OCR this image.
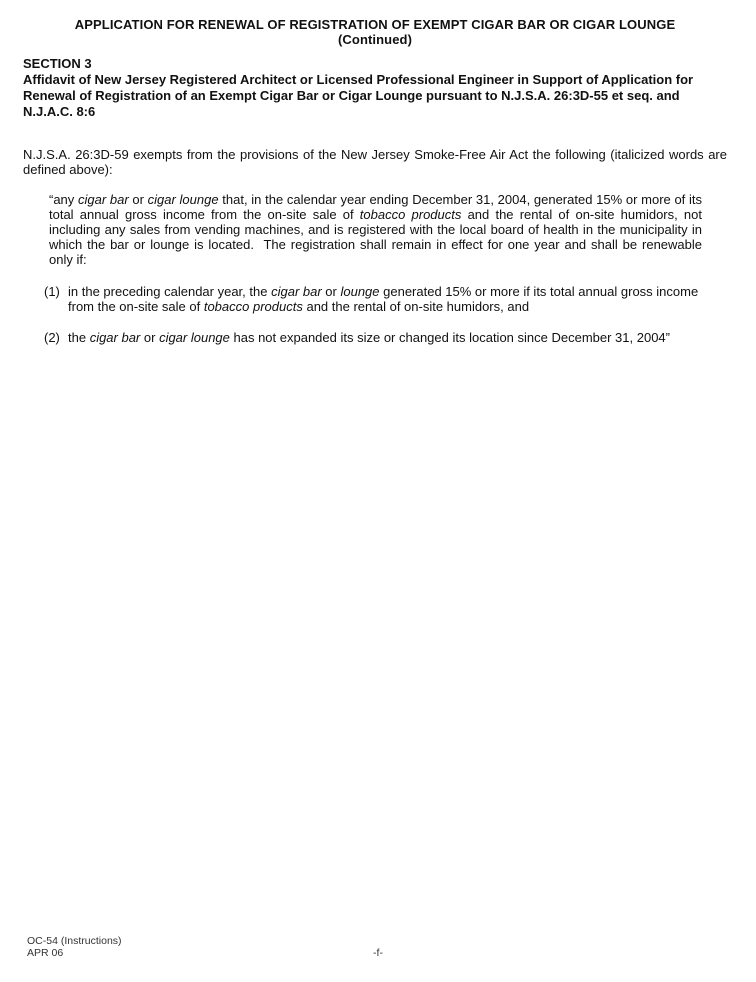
APPLICATION FOR RENEWAL OF REGISTRATION OF EXEMPT CIGAR BAR OR CIGAR LOUNGE
(Continued)
SECTION 3
Affidavit of New Jersey Registered Architect or Licensed Professional Engineer in Support of Application for Renewal of Registration of an Exempt Cigar Bar or Cigar Lounge pursuant to N.J.S.A. 26:3D-55 et seq. and N.J.A.C. 8:6

N.J.S.A. 26:3D-59 exempts from the provisions of the New Jersey Smoke-Free Air Act the following (italicized words are defined above):

“any cigar bar or cigar lounge that, in the calendar year ending December 31, 2004, generated 15% or more of its total annual gross income from the on-site sale of tobacco products and the rental of on-site humidors, not including any sales from vending machines, and is registered with the local board of health in the municipality in which the bar or lounge is located.  The registration shall remain in effect for one year and shall be renewable only if:

(1) in the preceding calendar year, the cigar bar or lounge generated 15% or more if its total annual gross income from the on-site sale of tobacco products and the rental of on-site humidors, and
(2) the cigar bar or cigar lounge has not expanded its size or changed its location since December 31, 2004”
OC-54 (Instructions)
APR 06	-f-
